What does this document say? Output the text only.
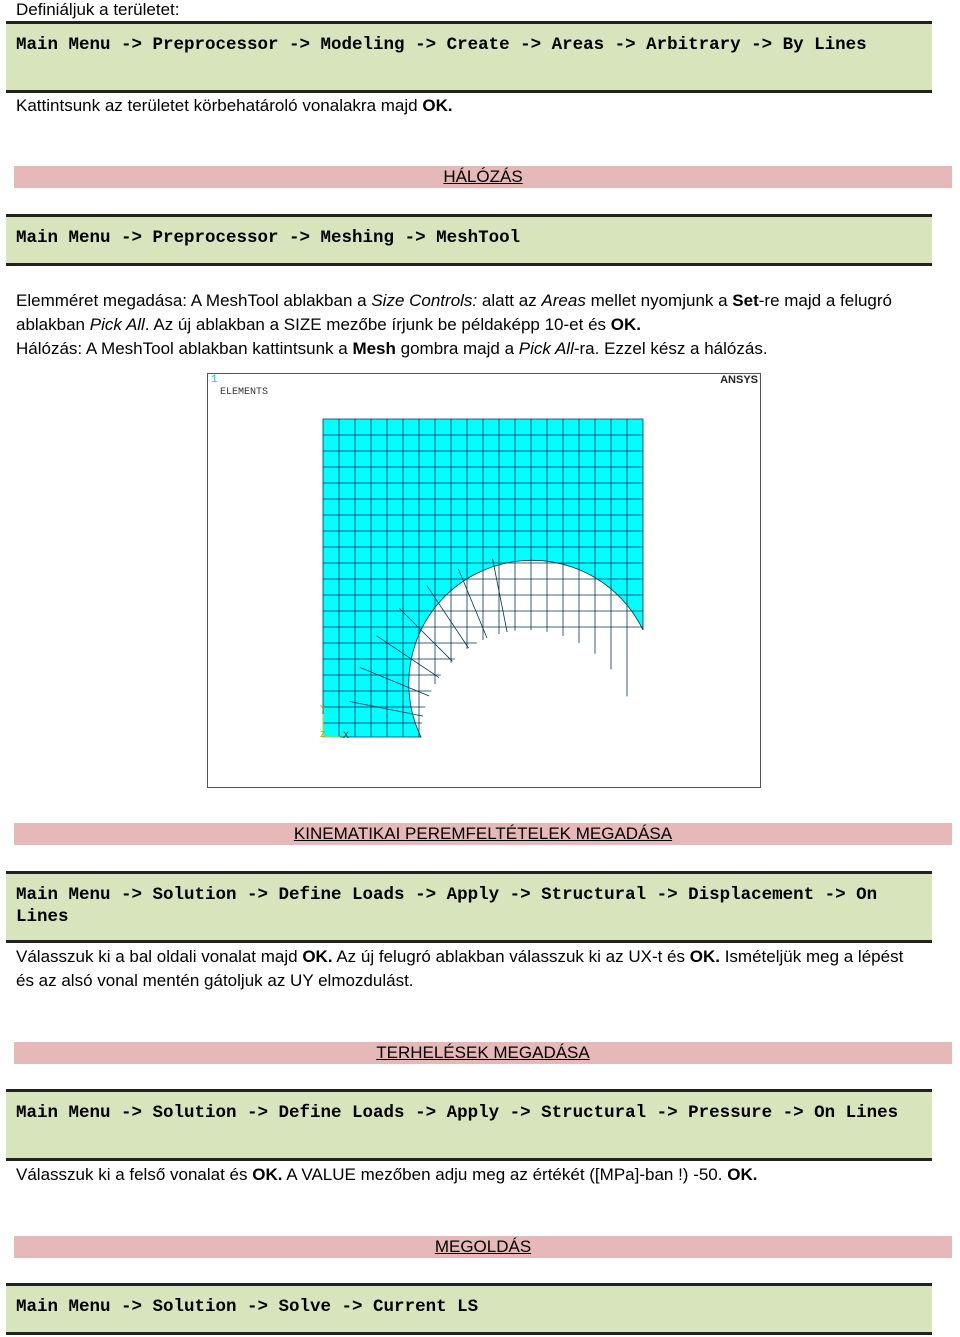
Definiáljuk a területet:
Main Menu -> Preprocessor -> Modeling -> Create -> Areas -> Arbitrary -> By Lines
Kattintsunk az területet körbehatároló vonalakra majd OK.
HÁLÓZÁS
Main Menu -> Preprocessor -> Meshing -> MeshTool
Elemméret megadása: A MeshTool ablakban a Size Controls: alatt az Areas mellet nyomjunk a Set-re majd a felugró
ablakban Pick All. Az új ablakban a SIZE mezőbe írjunk be példaképp 10-et és OK.
Hálózás: A MeshTool ablakban kattintsunk a Mesh gombra majd a Pick All-ra. Ezzel kész a hálózás.
1
ELEMENTS
ANSYS
Y
Z X
KINEMATIKAI PEREMFELTÉTELEK MEGADÁSA
Main Menu -> Solution -> Define Loads -> Apply -> Structural -> Displacement -> On Lines
Válasszuk ki a bal oldali vonalat majd OK. Az új felugró ablakban válasszuk ki az UX-t és OK. Ismételjük meg a lépést
és az alsó vonal mentén gátoljuk az UY elmozdulást.
TERHELÉSEK MEGADÁSA
Main Menu -> Solution -> Define Loads -> Apply -> Structural -> Pressure -> On Lines
Válasszuk ki a felső vonalat és OK. A VALUE mezőben adju meg az értékét ([MPa]-ban !) -50. OK.
MEGOLDÁS
Main Menu -> Solution -> Solve -> Current LS
